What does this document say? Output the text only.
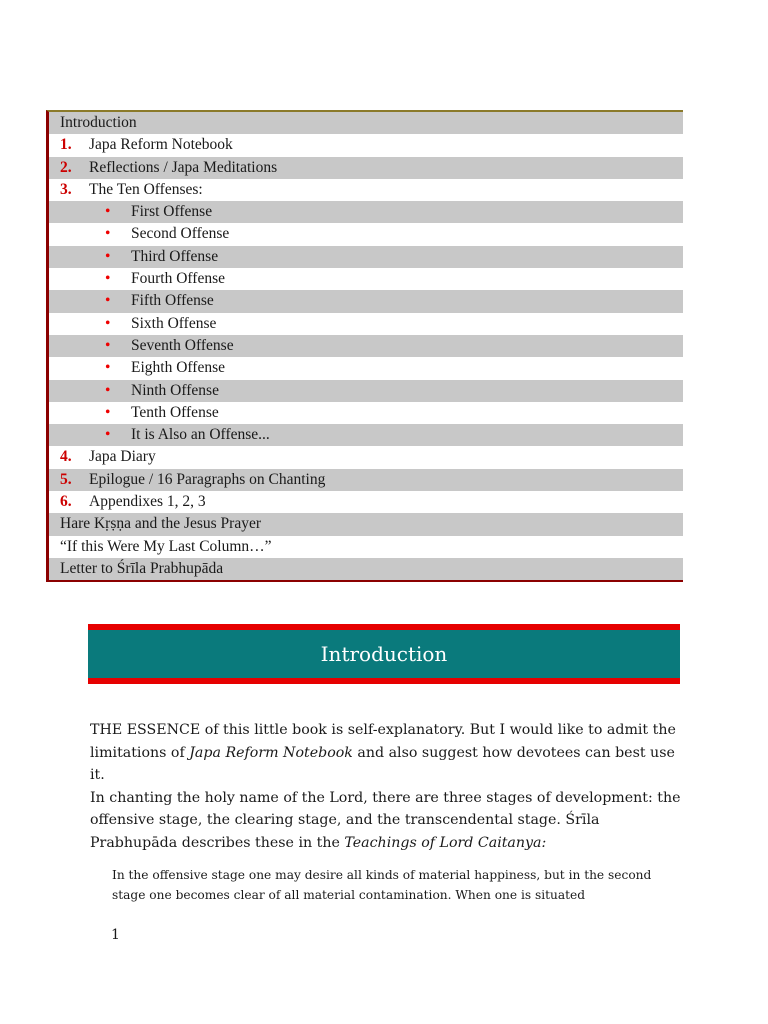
Introduction
1. Japa Reform Notebook
2. Reflections / Japa Meditations
3. The Ten Offenses:
• First Offense
• Second Offense
• Third Offense
• Fourth Offense
• Fifth Offense
• Sixth Offense
• Seventh Offense
• Eighth Offense
• Ninth Offense
• Tenth Offense
• It is Also an Offense...
4. Japa Diary
5. Epilogue / 16 Paragraphs on Chanting
6. Appendixes 1, 2, 3
Hare Kṛṣṇa and the Jesus Prayer
“If this Were My Last Column…”
Letter to Śrīla Prabhupāda
Introduction

THE ESSENCE of this little book is self-explanatory. But I would like to admit the limitations of Japa Reform Notebook and also suggest how devotees can best use it.

In chanting the holy name of the Lord, there are three stages of development: the offensive stage, the clearing stage, and the transcendental stage. Śrīla Prabhupāda describes these in the Teachings of Lord Caitanya:

In the offensive stage one may desire all kinds of material happiness, but in the second stage one becomes clear of all material contamination. When one is situated
1
